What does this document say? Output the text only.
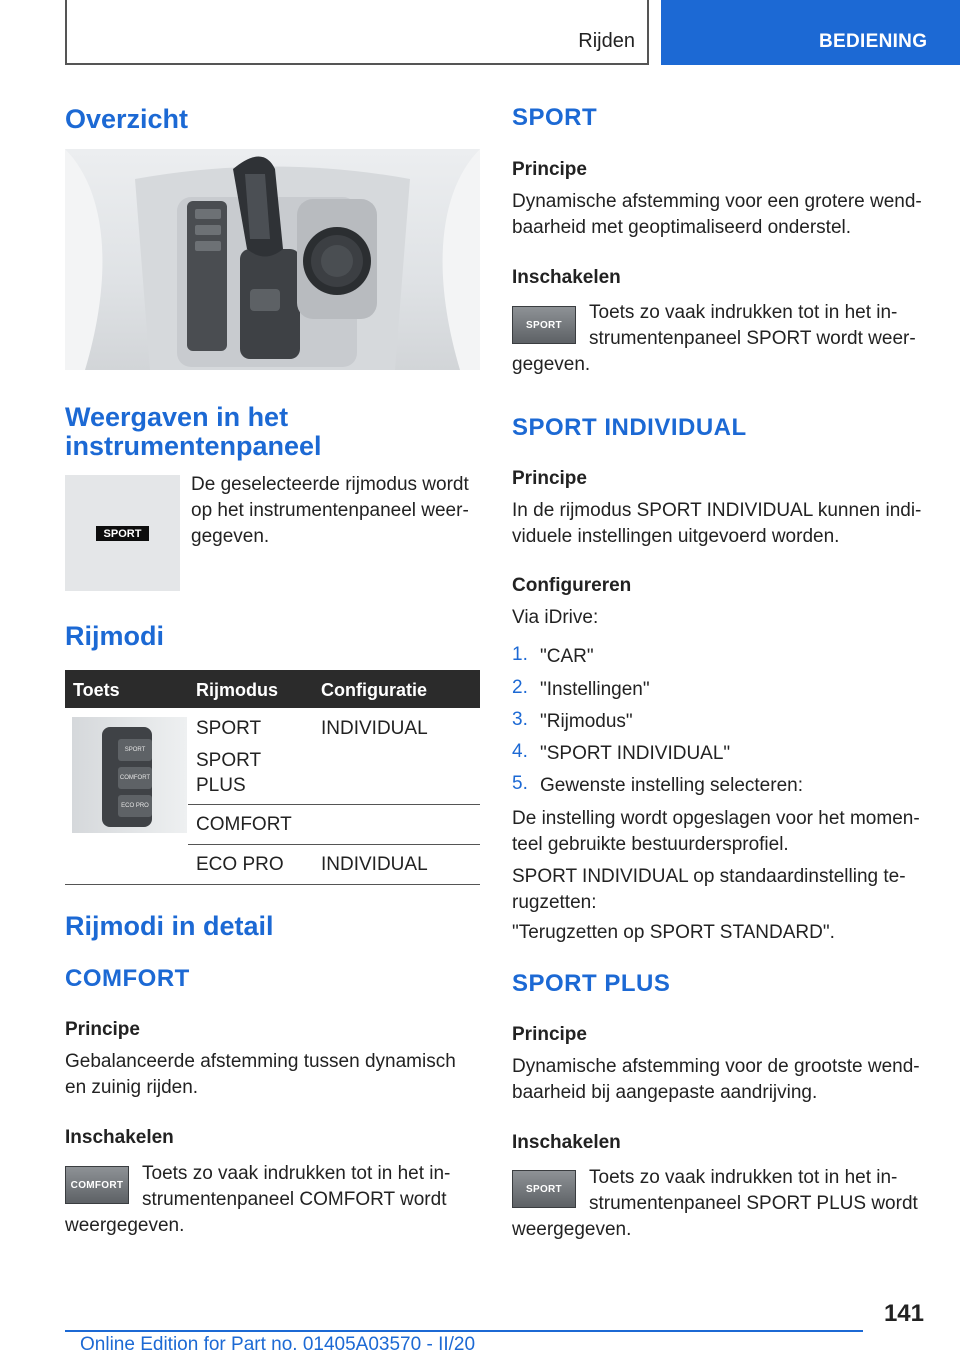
Rijden	BEDIENING
Overzicht
Weergaven in het
instrumentenpaneel
SPORT
De geselecteerde rijmodus wordt
op het instrumentenpaneel weer-
gegeven.
Rijmodi
Toets	Rijmodus Configuratie
SPORT
COMFORT
ECO PRO
SPORT
SPORT
PLUS
INDIVIDUAL
COMFORT
ECO PRO INDIVIDUAL
Rijmodi in detail
COMFORT
Principe
Gebalanceerde afstemming tussen dynamisch
en zuinig rijden.
Inschakelen
COMFORT
Toets zo vaak indrukken tot in het in-
strumentenpaneel COMFORT wordt
weergegeven.
SPORT
Principe
Dynamische afstemming voor een grotere wend-
baarheid met geoptimaliseerd onderstel.
Inschakelen
SPORT
Toets zo vaak indrukken tot in het in-
strumentenpaneel SPORT wordt weer-
gegeven.
SPORT INDIVIDUAL
Principe
In de rijmodus SPORT INDIVIDUAL kunnen indi-
viduele instellingen uitgevoerd worden.
Configureren
Via iDrive:
1. "CAR"
2. "Instellingen"
3. "Rijmodus"
4. "SPORT INDIVIDUAL"
5. Gewenste instelling selecteren:
De instelling wordt opgeslagen voor het momen-
teel gebruikte bestuurdersprofiel.
SPORT INDIVIDUAL op standaardinstelling te-
rugzetten:
"Terugzetten op SPORT STANDARD".
SPORT PLUS
Principe
Dynamische afstemming voor de grootste wend-
baarheid bij aangepaste aandrijving.
Inschakelen
SPORT
Toets zo vaak indrukken tot in het in-
strumentenpaneel SPORT PLUS wordt
weergegeven.
141
Online Edition for Part no. 01405A03570 - II/20
